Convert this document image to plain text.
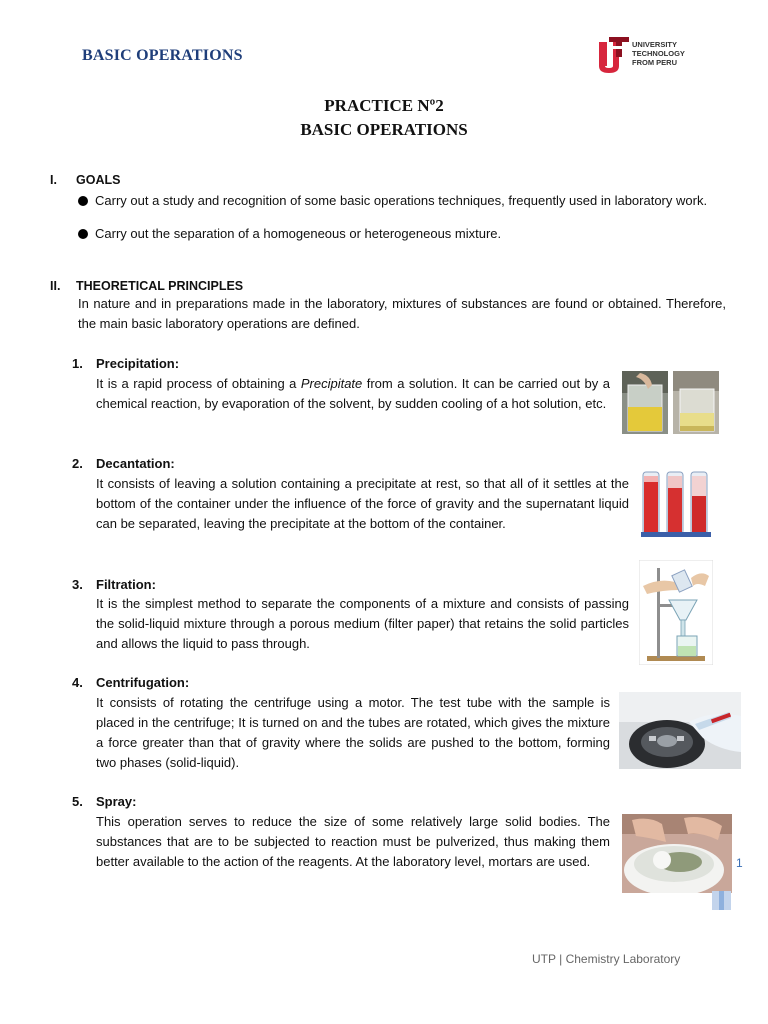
BASIC OPERATIONS
UNIVERSITY
TECHNOLOGY
FROM PERU
PRACTICE Nº2
BASIC OPERATIONS
I. GOALS
Carry out a study and recognition of some basic operations techniques, frequently used in laboratory work.
Carry out the separation of a homogeneous or heterogeneous mixture.
II. THEORETICAL PRINCIPLES
In nature and in preparations made in the laboratory, mixtures of substances are found or obtained. Therefore, the main basic laboratory operations are defined.
1. Precipitation:
It is a rapid process of obtaining a Precipitate from a solution. It can be carried out by a chemical reaction, by evaporation of the solvent, by sudden cooling of a hot solution, etc.
2. Decantation:
It consists of leaving a solution containing a precipitate at rest, so that all of it settles at the bottom of the container under the influence of the force of gravity and the supernatant liquid can be separated, leaving the precipitate at the bottom of the container.
3. Filtration:
It is the simplest method to separate the components of a mixture and consists of passing the solid-liquid mixture through a porous medium (filter paper) that retains the solid particles and allows the liquid to pass through.
4. Centrifugation:
It consists of rotating the centrifuge using a motor. The test tube with the sample is placed in the centrifuge; It is turned on and the tubes are rotated, which gives the mixture a force greater than that of gravity where the solids are pushed to the bottom, forming two phases (solid-liquid).
5. Spray:
This operation serves to reduce the size of some relatively large solid bodies. The substances that are to be subjected to reaction must be pulverized, thus making them better available to the action of the reagents. At the laboratory level, mortars are used.	1
UTP | Chemistry Laboratory
